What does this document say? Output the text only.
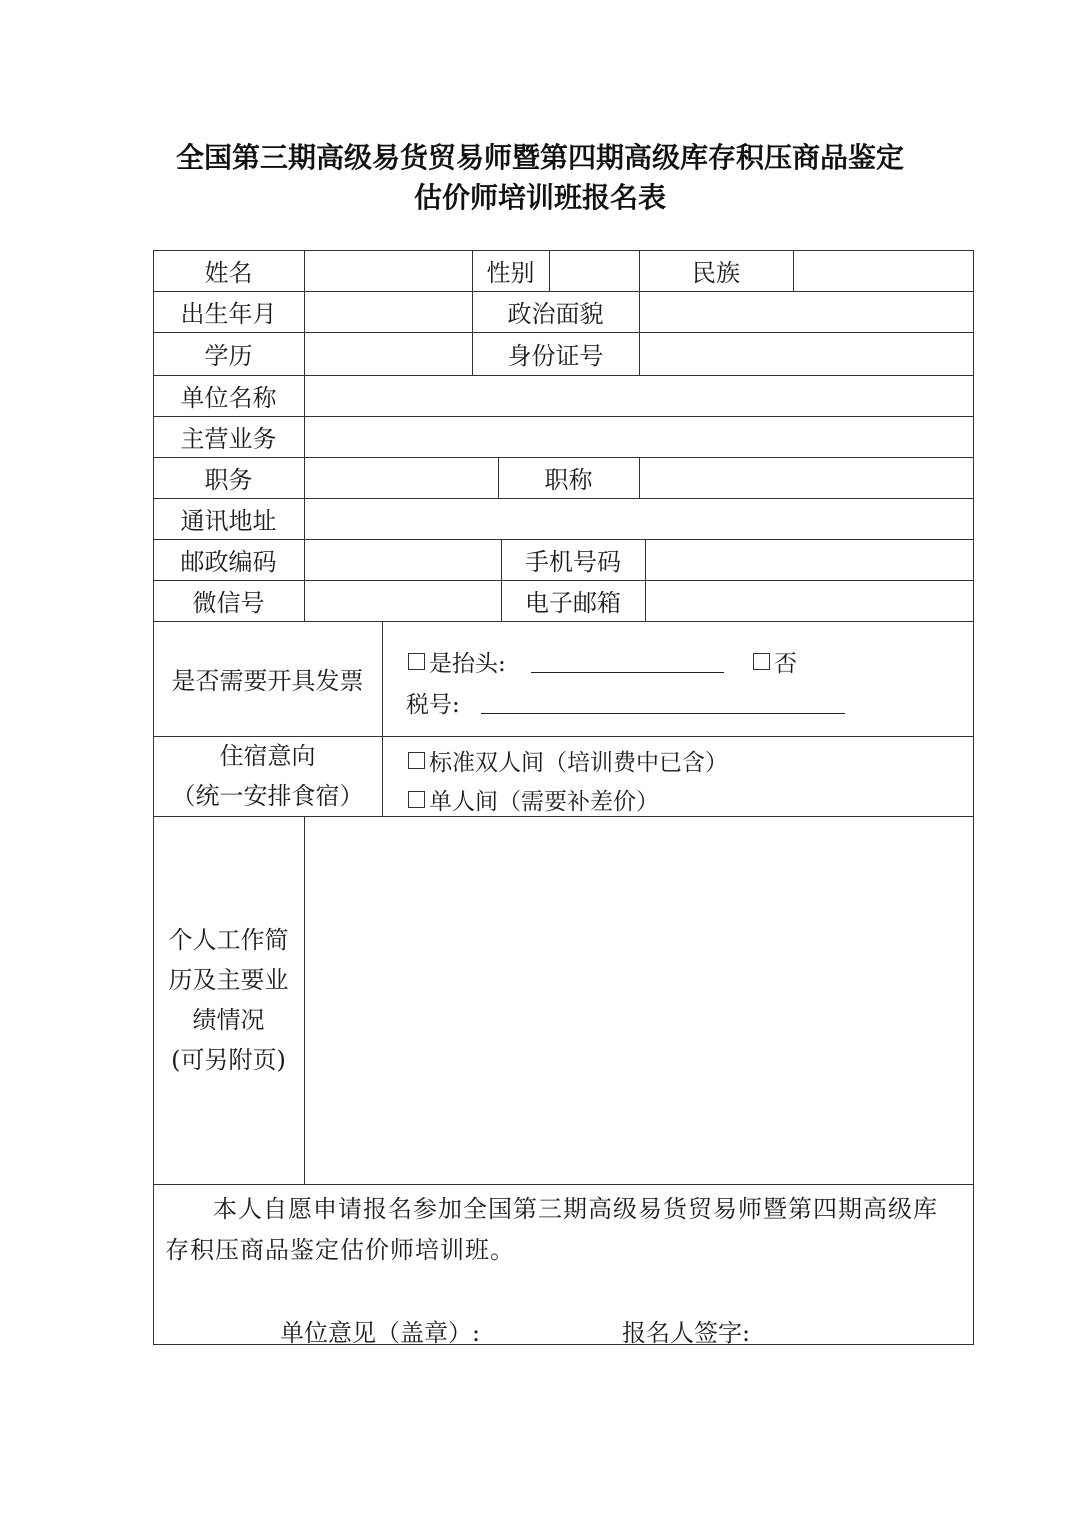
全国第三期高级易货贸易师暨第四期高级库存积压商品鉴定
估价师培训班报名表
姓名	性别	民族
出生年月	政治面貌
学历	身份证号
单位名称
主营业务
职务	职称
通讯地址
邮政编码	手机号码
微信号	电子邮箱
是否需要开具发票
是抬头:	否
税号:
住宿意向
（统一安排食宿）
标准双人间（培训费中已含）
单人间（需要补差价）
个人工作简
历及主要业
绩情况
(可另附页)
本人自愿申请报名参加全国第三期高级易货贸易师暨第四期高级库
存积压商品鉴定估价师培训班。
单位意见（盖章）:	报名人签字:
